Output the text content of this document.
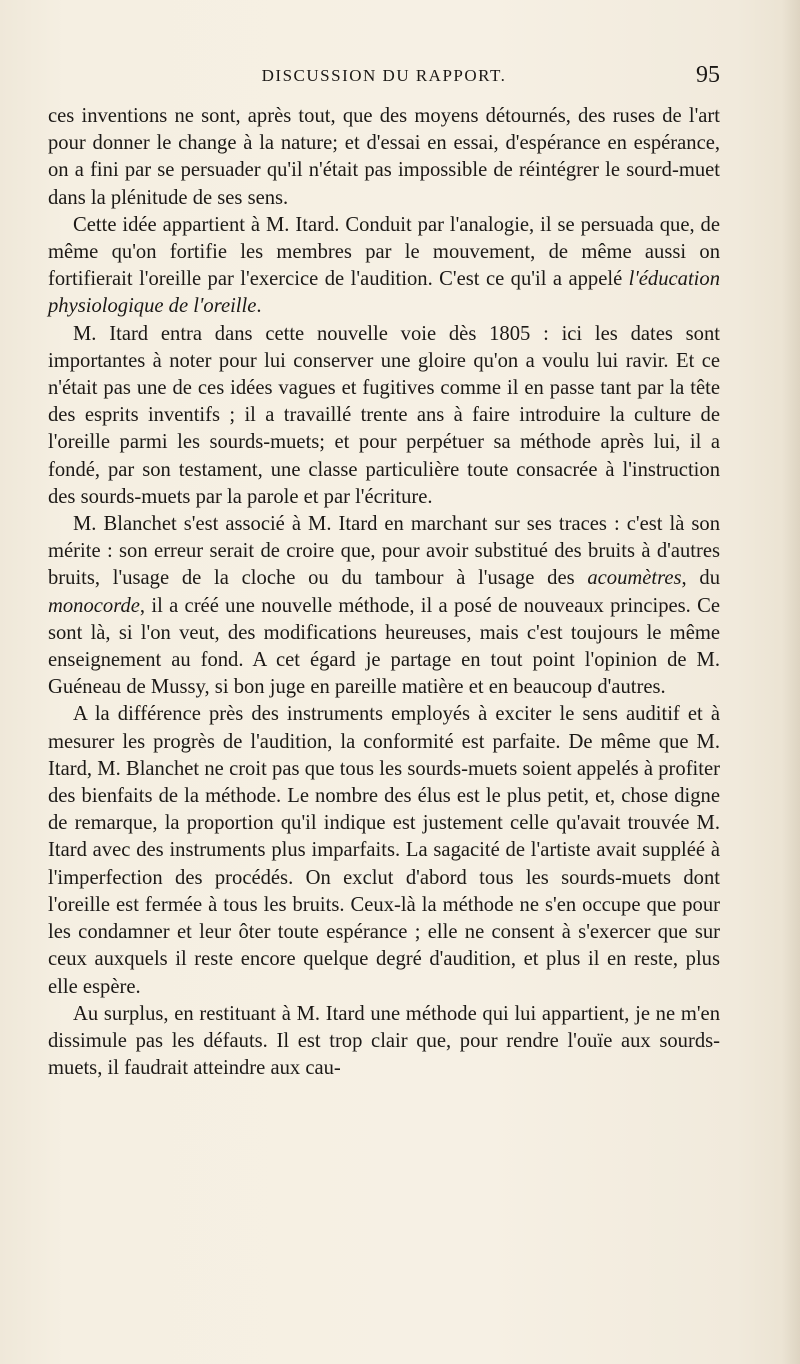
DISCUSSION DU RAPPORT.	95

ces inventions ne sont, après tout, que des moyens détournés, des ruses de l'art pour donner le change à la nature; et d'essai en essai, d'espérance en espérance, on a fini par se persuader qu'il n'était pas impossible de réintégrer le sourd-muet dans la plénitude de ses sens.

Cette idée appartient à M. Itard. Conduit par l'analogie, il se persuada que, de même qu'on fortifie les membres par le mouvement, de même aussi on fortifierait l'oreille par l'exercice de l'audition. C'est ce qu'il a appelé l'éducation physiologique de l'oreille.

M. Itard entra dans cette nouvelle voie dès 1805 : ici les dates sont importantes à noter pour lui conserver une gloire qu'on a voulu lui ravir. Et ce n'était pas une de ces idées vagues et fugitives comme il en passe tant par la tête des esprits inventifs ; il a travaillé trente ans à faire introduire la culture de l'oreille parmi les sourds-muets; et pour perpétuer sa méthode après lui, il a fondé, par son testament, une classe particulière toute consacrée à l'instruction des sourds-muets par la parole et par l'écriture.

M. Blanchet s'est associé à M. Itard en marchant sur ses traces : c'est là son mérite : son erreur serait de croire que, pour avoir substitué des bruits à d'autres bruits, l'usage de la cloche ou du tambour à l'usage des acoumètres, du monocorde, il a créé une nouvelle méthode, il a posé de nouveaux principes. Ce sont là, si l'on veut, des modifications heureuses, mais c'est toujours le même enseignement au fond. A cet égard je partage en tout point l'opinion de M. Guéneau de Mussy, si bon juge en pareille matière et en beaucoup d'autres.

A la différence près des instruments employés à exciter le sens auditif et à mesurer les progrès de l'audition, la conformité est parfaite. De même que M. Itard, M. Blanchet ne croit pas que tous les sourds-muets soient appelés à profiter des bienfaits de la méthode. Le nombre des élus est le plus petit, et, chose digne de remarque, la proportion qu'il indique est justement celle qu'avait trouvée M. Itard avec des instruments plus imparfaits. La sagacité de l'artiste avait suppléé à l'imperfection des procédés. On exclut d'abord tous les sourds-muets dont l'oreille est fermée à tous les bruits. Ceux-là la méthode ne s'en occupe que pour les condamner et leur ôter toute espérance ; elle ne consent à s'exercer que sur ceux auxquels il reste encore quelque degré d'audition, et plus il en reste, plus elle espère.

Au surplus, en restituant à M. Itard une méthode qui lui appartient, je ne m'en dissimule pas les défauts. Il est trop clair que, pour rendre l'ouïe aux sourds-muets, il faudrait atteindre aux cau-
